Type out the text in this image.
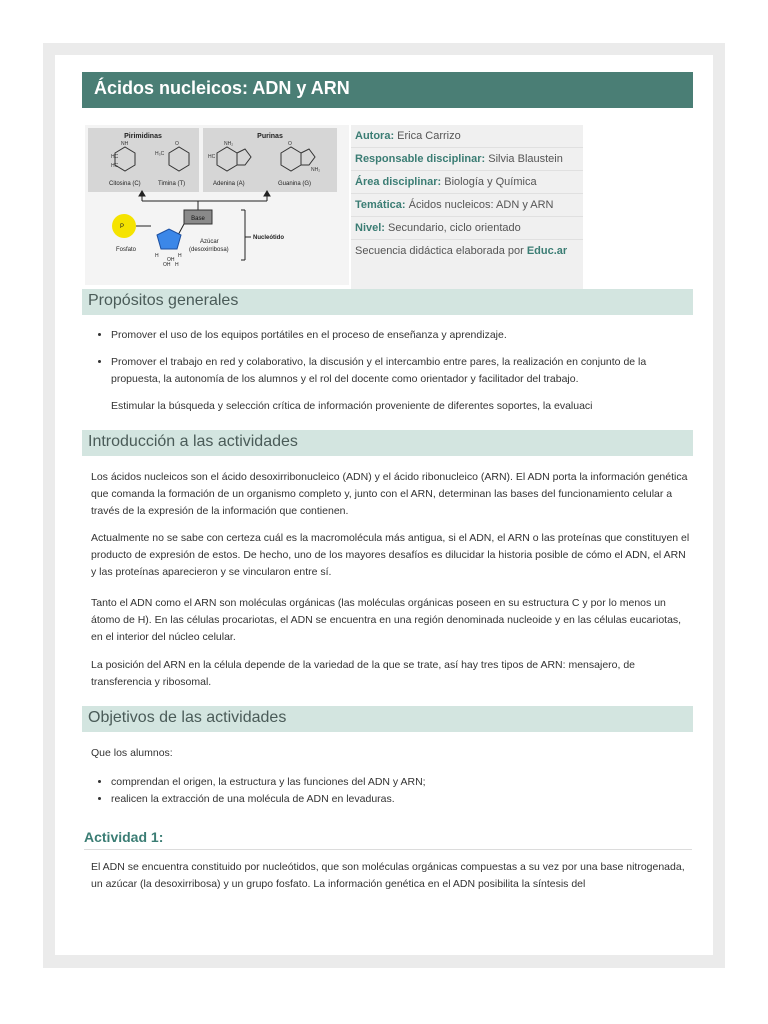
Ácidos nucleicos: ADN y ARN
Pirimidinas	Purinas
NH
HC
HC
O
H₃C
NH₂
HC
O
NH₂
Citosina (C)	Timina (T)	Adenina (A)	Guanina (G)
Base
P
Fosfato
Azúcar
(desoxirribosa)
H
OH
H
H
OH
Nucleótido
Autora: Erica Carrizo
Responsable disciplinar: Silvia Blaustein
Área disciplinar: Biología y Química
Temática: Ácidos nucleicos: ADN y ARN
Nivel: Secundario, ciclo orientado
Secuencia didáctica elaborada por Educ.ar
Propósitos generales
• Promover el uso de los equipos portátiles en el proceso de enseñanza y aprendizaje.
• Promover el trabajo en red y colaborativo, la discusión y el intercambio entre pares, la realización en conjunto de la propuesta, la autonomía de los alumnos y el rol del docente como orientador y facilitador del trabajo.
• Estimular la búsqueda y selección crítica de información proveniente de diferentes soportes, la evaluaci
Introducción a las actividades

Los ácidos nucleicos son el ácido desoxirribonucleico (ADN) y el ácido ribonucleico (ARN). El ADN porta la información genética que comanda la formación de un organismo completo y, junto con el ARN, determinan las bases del funcionamiento celular a través de la expresión de la información que contienen.

Actualmente no se sabe con certeza cuál es la macromolécula más antigua, si el ADN, el ARN o las proteínas que constituyen el producto de expresión de estos. De hecho, uno de los mayores desafíos es dilucidar la historia posible de cómo el ADN, el ARN y las proteínas aparecieron y se vincularon entre sí.

Tanto el ADN como el ARN son moléculas orgánicas (las moléculas orgánicas poseen en su estructura C y por lo menos un átomo de H). En las células procariotas, el ADN se encuentra en una región denominada nucleoide y en las células eucariotas, en el interior del núcleo celular.

La posición del ARN en la célula depende de la variedad de la que se trate, así hay tres tipos de ARN: mensajero, de transferencia y ribosomal.

Objetivos de las actividades

Que los alumnos:

• comprendan el origen, la estructura y las funciones del ADN y ARN;
• realicen la extracción de una molécula de ADN en levaduras.
Actividad 1:

El ADN se encuentra constituido por nucleótidos, que son moléculas orgánicas compuestas a su vez por una base nitrogenada, un azúcar (la desoxirribosa) y un grupo fosfato. La información genética en el ADN posibilita la síntesis del
